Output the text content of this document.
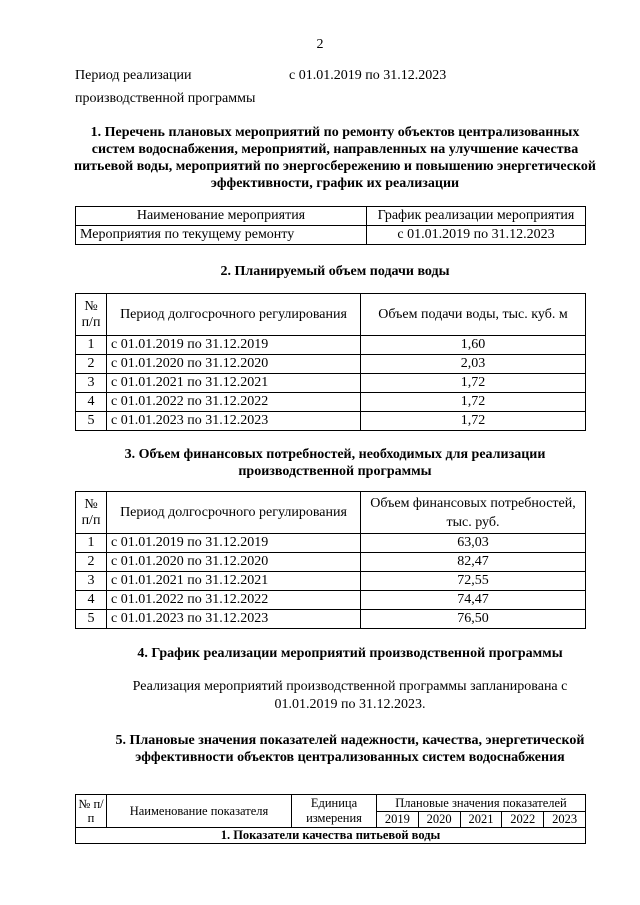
2
Период реализации производственной программы
с 01.01.2019 по 31.12.2023
1. Перечень плановых мероприятий по ремонту объектов централизованных систем водоснабжения, мероприятий, направленных на улучшение качества питьевой воды, мероприятий по энергосбережению и повышению энергетической эффективности, график их реализации
Наименование мероприятия	График реализации мероприятия
Мероприятия по текущему ремонту	с 01.01.2019 по 31.12.2023
2. Планируемый объем подачи воды
№ п/п	Период долгосрочного регулирования	Объем подачи воды, тыс. куб. м
1	с 01.01.2019 по 31.12.2019	1,60
2	с 01.01.2020 по 31.12.2020	2,03
3	с 01.01.2021 по 31.12.2021	1,72
4	с 01.01.2022 по 31.12.2022	1,72
5	с 01.01.2023 по 31.12.2023	1,72
3. Объем финансовых потребностей, необходимых для реализации производственной программы
№ п/п	Период долгосрочного регулирования	Объем финансовых потребностей, тыс. руб.
1	с 01.01.2019 по 31.12.2019	63,03
2	с 01.01.2020 по 31.12.2020	82,47
3	с 01.01.2021 по 31.12.2021	72,55
4	с 01.01.2022 по 31.12.2022	74,47
5	с 01.01.2023 по 31.12.2023	76,50
4. График реализации мероприятий производственной программы
Реализация мероприятий производственной программы запланирована с 01.01.2019 по 31.12.2023.
5. Плановые значения показателей надежности, качества, энергетической эффективности объектов централизованных систем водоснабжения
№ п/п	Наименование показателя	Единица измерения	Плановые значения показателей				
			2019	2020	2021	2022	2023
1. Показатели качества питьевой воды							
